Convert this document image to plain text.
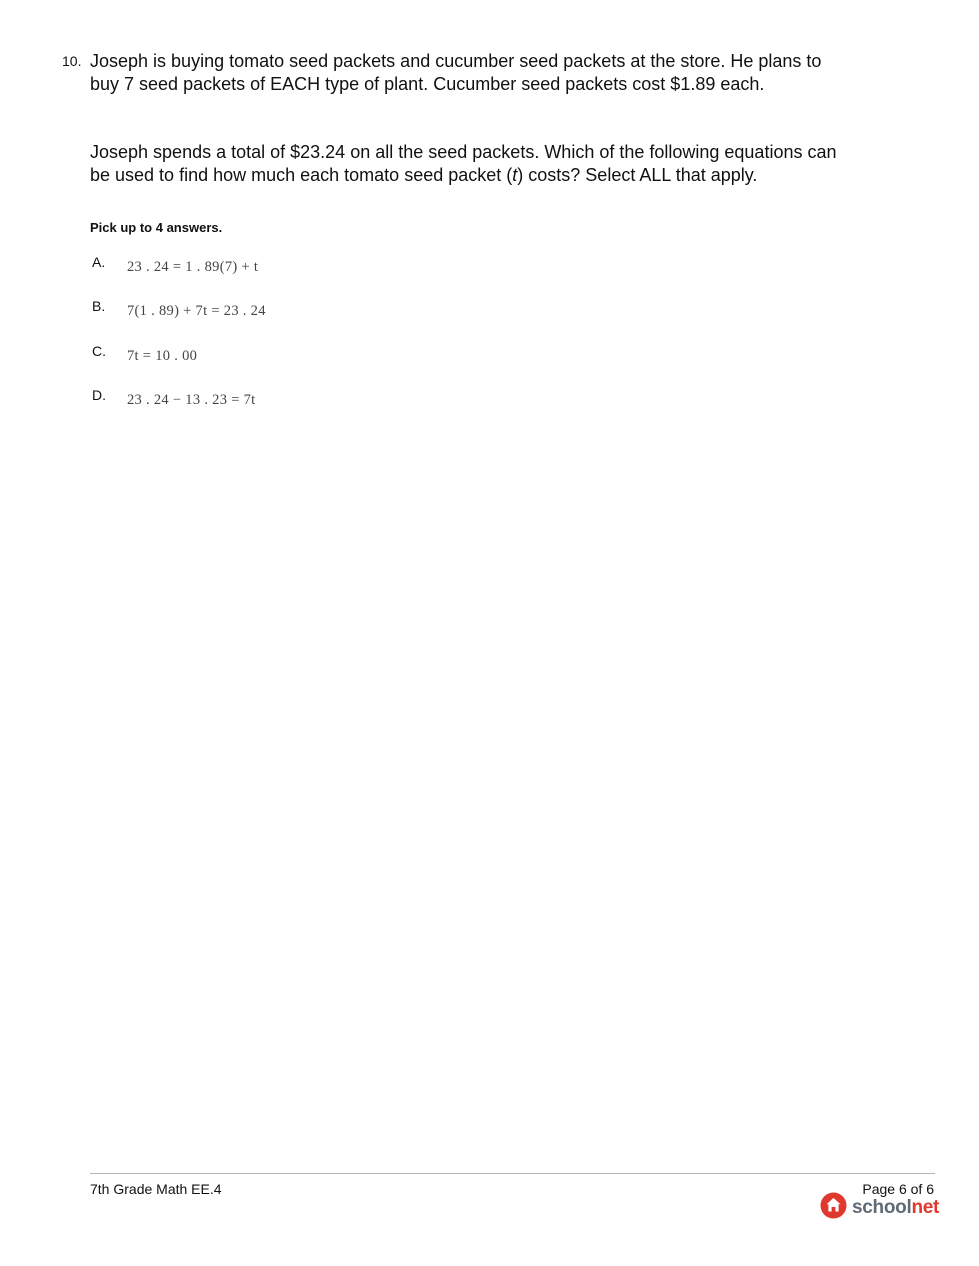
10. Joseph is buying tomato seed packets and cucumber seed packets at the store. He plans to buy 7 seed packets of EACH type of plant. Cucumber seed packets cost $1.89 each.
Joseph spends a total of $23.24 on all the seed packets. Which of the following equations can be used to find how much each tomato seed packet (t) costs? Select ALL that apply.
Pick up to 4 answers.
A. 23 . 24 = 1 . 89(7) + t
B. 7(1 . 89) + 7t = 23 . 24
C. 7t = 10 . 00
D. 23 . 24 − 13 . 23 = 7t
7th Grade Math EE.4	Page 6 of 6
schoolnet
